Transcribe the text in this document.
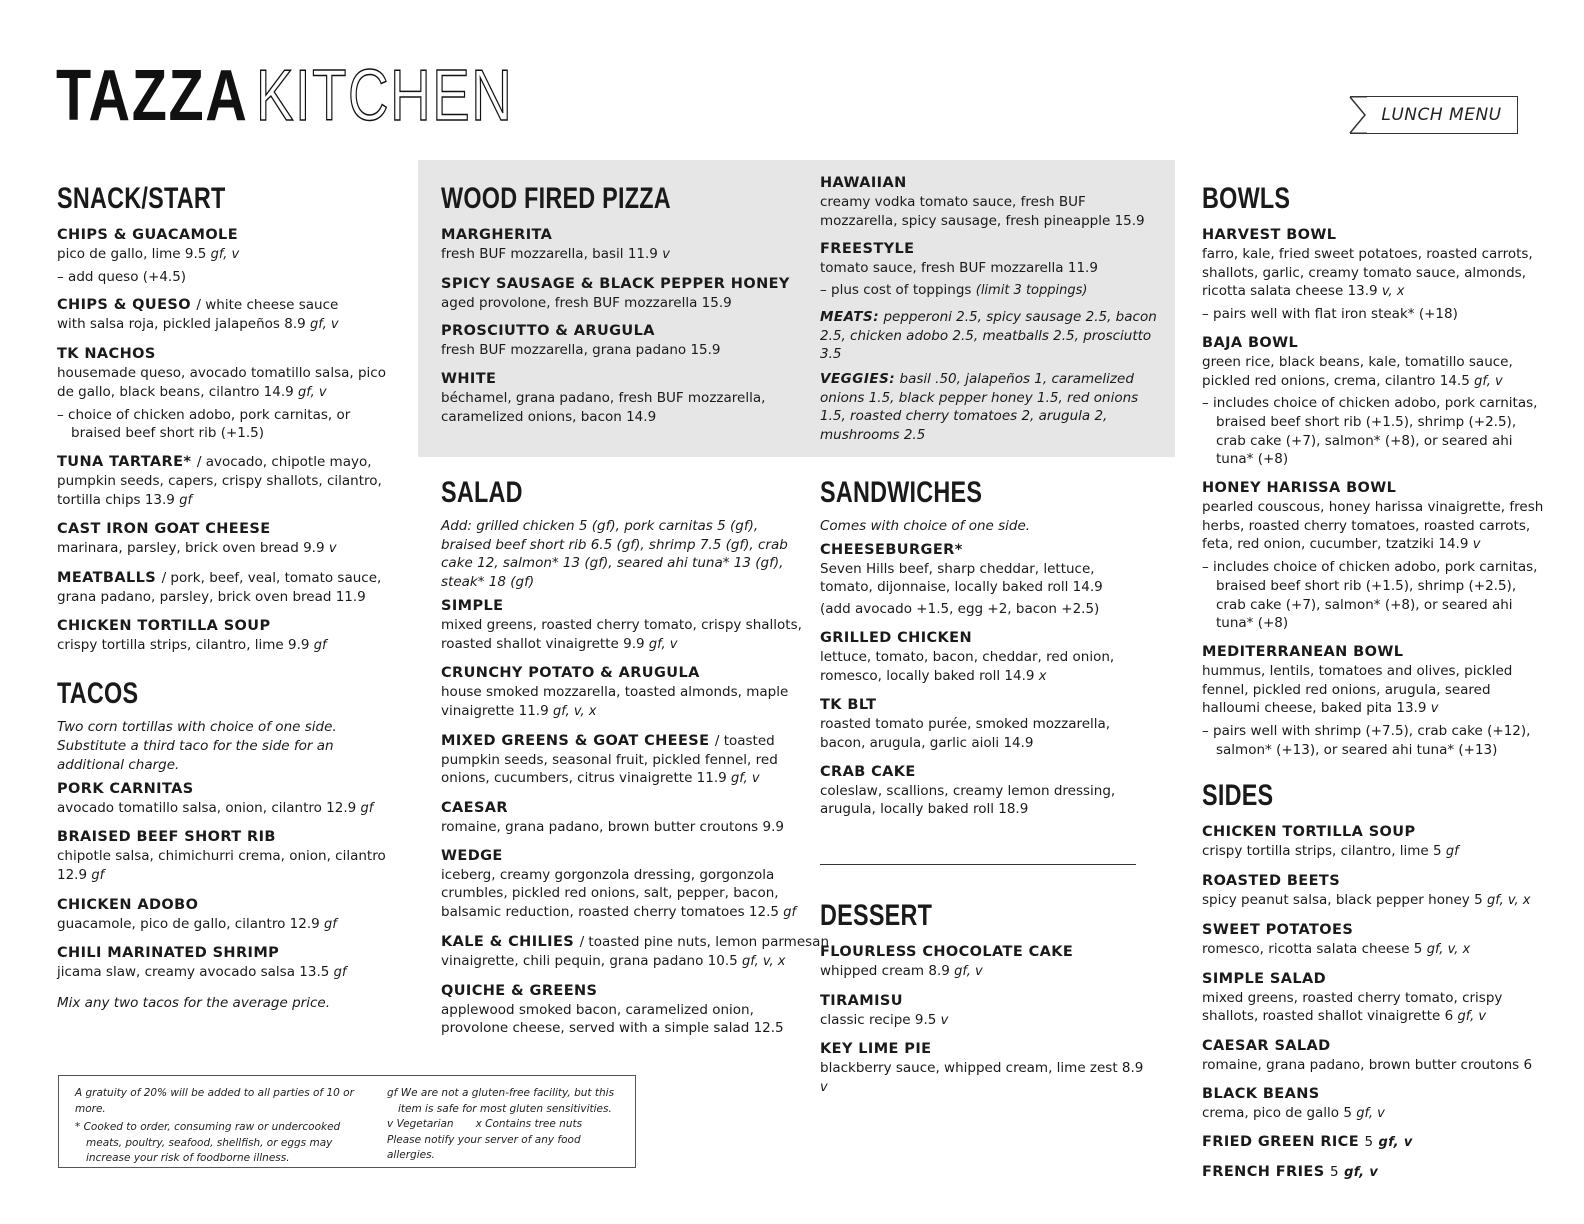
TAZZA KITCHEN	LUNCH MENU
SNACK/START
CHIPS & GUACAMOLE
pico de gallo, lime 9.5 gf, v
– add queso (+4.5)
CHIPS & QUESO / white cheese sauce
with salsa roja, pickled jalapeños 8.9 gf, v
TK NACHOS
housemade queso, avocado tomatillo salsa, pico de gallo, black beans, cilantro 14.9 gf, v
– choice of chicken adobo, pork carnitas, or braised beef short rib (+1.5)
TUNA TARTARE* / avocado, chipotle mayo,
pumpkin seeds, capers, crispy shallots, cilantro, tortilla chips 13.9 gf
CAST IRON GOAT CHEESE
marinara, parsley, brick oven bread 9.9 v
MEATBALLS / pork, beef, veal, tomato sauce,
grana padano, parsley, brick oven bread 11.9
CHICKEN TORTILLA SOUP
crispy tortilla strips, cilantro, lime 9.9 gf
TACOS
Two corn tortillas with choice of one side. Substitute a third taco for the side for an additional charge.
PORK CARNITAS
avocado tomatillo salsa, onion, cilantro 12.9 gf
BRAISED BEEF SHORT RIB
chipotle salsa, chimichurri crema, onion, cilantro 12.9 gf
CHICKEN ADOBO
guacamole, pico de gallo, cilantro 12.9 gf
CHILI MARINATED SHRIMP
jicama slaw, creamy avocado salsa 13.5 gf
Mix any two tacos for the average price.
WOOD FIRED PIZZA
MARGHERITA
fresh BUF mozzarella, basil 11.9 v
SPICY SAUSAGE & BLACK PEPPER HONEY
aged provolone, fresh BUF mozzarella 15.9
PROSCIUTTO & ARUGULA
fresh BUF mozzarella, grana padano 15.9
WHITE
béchamel, grana padano, fresh BUF mozzarella, caramelized onions, bacon 14.9
HAWAIIAN
creamy vodka tomato sauce, fresh BUF mozzarella, spicy sausage, fresh pineapple 15.9
FREESTYLE
tomato sauce, fresh BUF mozzarella 11.9
– plus cost of toppings (limit 3 toppings)
MEATS: pepperoni 2.5, spicy sausage 2.5, bacon 2.5, chicken adobo 2.5, meatballs 2.5, prosciutto 3.5
VEGGIES: basil .50, jalapeños 1, caramelized onions 1.5, black pepper honey 1.5, red onions 1.5, roasted cherry tomatoes 2, arugula 2, mushrooms 2.5
SALAD
Add: grilled chicken 5 (gf), pork carnitas 5 (gf), braised beef short rib 6.5 (gf), shrimp 7.5 (gf), crab cake 12, salmon* 13 (gf), seared ahi tuna* 13 (gf), steak* 18 (gf)
SIMPLE
mixed greens, roasted cherry tomato, crispy shallots, roasted shallot vinaigrette 9.9 gf, v
CRUNCHY POTATO & ARUGULA
house smoked mozzarella, toasted almonds, maple vinaigrette 11.9 gf, v, x
MIXED GREENS & GOAT CHEESE / toasted
pumpkin seeds, seasonal fruit, pickled fennel, red onions, cucumbers, citrus vinaigrette 11.9 gf, v
CAESAR
romaine, grana padano, brown butter croutons 9.9
WEDGE
iceberg, creamy gorgonzola dressing, gorgonzola crumbles, pickled red onions, salt, pepper, bacon, balsamic reduction, roasted cherry tomatoes 12.5 gf
KALE & CHILIES / toasted pine nuts, lemon parmesan
vinaigrette, chili pequin, grana padano 10.5 gf, v, x
QUICHE & GREENS
applewood smoked bacon, caramelized onion, provolone cheese, served with a simple salad 12.5
SANDWICHES
Comes with choice of one side.
CHEESEBURGER*
Seven Hills beef, sharp cheddar, lettuce, tomato, dijonnaise, locally baked roll 14.9
(add avocado +1.5, egg +2, bacon +2.5)
GRILLED CHICKEN
lettuce, tomato, bacon, cheddar, red onion, romesco, locally baked roll 14.9 x
TK BLT
roasted tomato purée, smoked mozzarella, bacon, arugula, garlic aioli 14.9
CRAB CAKE
coleslaw, scallions, creamy lemon dressing, arugula, locally baked roll 18.9
DESSERT
FLOURLESS CHOCOLATE CAKE
whipped cream 8.9 gf, v
TIRAMISU
classic recipe 9.5 v
KEY LIME PIE
blackberry sauce, whipped cream, lime zest 8.9 v
BOWLS
HARVEST BOWL
farro, kale, fried sweet potatoes, roasted carrots, shallots, garlic, creamy tomato sauce, almonds, ricotta salata cheese 13.9 v, x
– pairs well with flat iron steak* (+18)
BAJA BOWL
green rice, black beans, kale, tomatillo sauce, pickled red onions, crema, cilantro 14.5 gf, v
– includes choice of chicken adobo, pork carnitas, braised beef short rib (+1.5), shrimp (+2.5), crab cake (+7), salmon* (+8), or seared ahi tuna* (+8)
HONEY HARISSA BOWL
pearled couscous, honey harissa vinaigrette, fresh herbs, roasted cherry tomatoes, roasted carrots, feta, red onion, cucumber, tzatziki 14.9 v
– includes choice of chicken adobo, pork carnitas, braised beef short rib (+1.5), shrimp (+2.5), crab cake (+7), salmon* (+8), or seared ahi tuna* (+8)
MEDITERRANEAN BOWL
hummus, lentils, tomatoes and olives, pickled fennel, pickled red onions, arugula, seared halloumi cheese, baked pita 13.9 v
– pairs well with shrimp (+7.5), crab cake (+12), salmon* (+13), or seared ahi tuna* (+13)
SIDES
CHICKEN TORTILLA SOUP
crispy tortilla strips, cilantro, lime 5 gf
ROASTED BEETS
spicy peanut salsa, black pepper honey 5 gf, v, x
SWEET POTATOES
romesco, ricotta salata cheese 5 gf, v, x
SIMPLE SALAD
mixed greens, roasted cherry tomato, crispy shallots, roasted shallot vinaigrette 6 gf, v
CAESAR SALAD
romaine, grana padano, brown butter croutons 6
BLACK BEANS
crema, pico de gallo 5 gf, v
FRIED GREEN RICE 5 gf, v
FRENCH FRIES 5 gf, v
A gratuity of 20% will be added to all parties of 10 or more.
* Cooked to order, consuming raw or undercooked meats, poultry, seafood, shellfish, or eggs may increase your risk of foodborne illness.
gf We are not a gluten-free facility, but this item is safe for most gluten sensitivities.
v Vegetarian x Contains tree nuts
Please notify your server of any food allergies.
